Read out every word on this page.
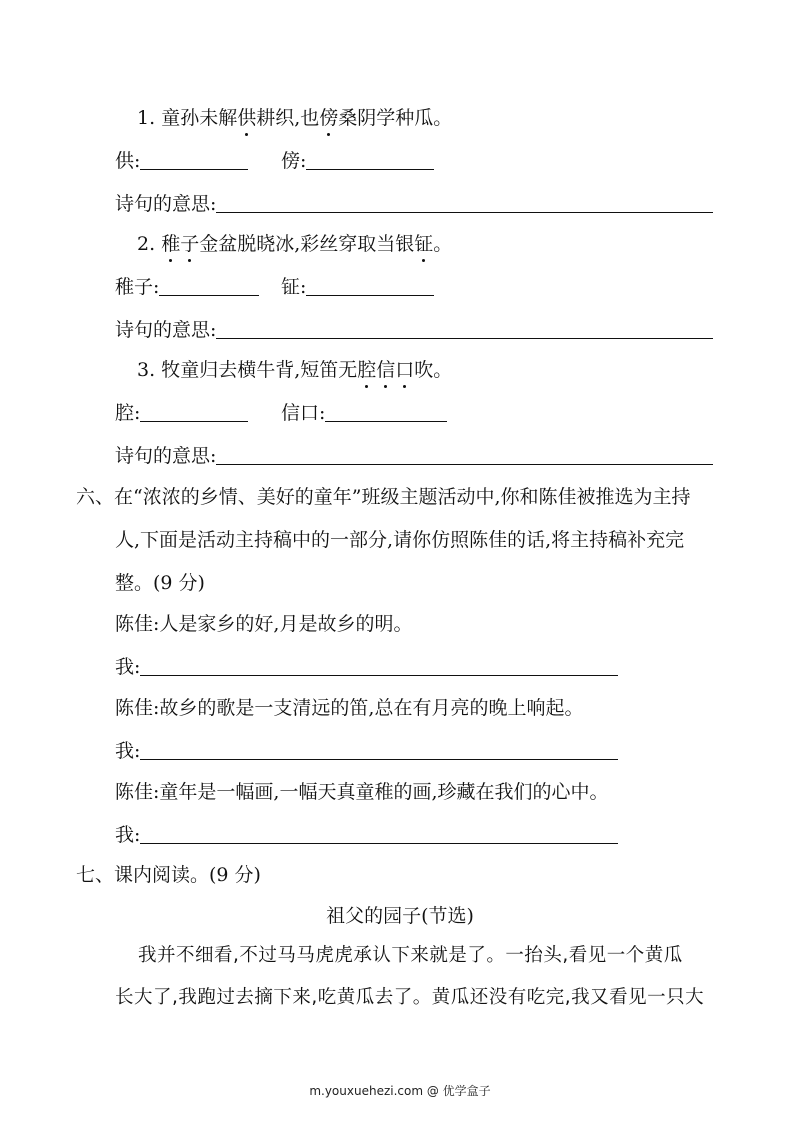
1. 童孙未解供耕织,也傍桑阴学种瓜。
供:	傍:
诗句的意思:
2. 稚子金盆脱晓冰,彩丝穿取当银钲。
稚子:	钲:
诗句的意思:
3. 牧童归去横牛背,短笛无腔信口吹。
腔:	信口:
诗句的意思:
六、在“浓浓的乡情、美好的童年”班级主题活动中,你和陈佳被推选为主持
人,下面是活动主持稿中的一部分,请你仿照陈佳的话,将主持稿补充完
整。(9 分)
陈佳:人是家乡的好,月是故乡的明。
我:
陈佳:故乡的歌是一支清远的笛,总在有月亮的晚上响起。
我:
陈佳:童年是一幅画,一幅天真童稚的画,珍藏在我们的心中。
我:
七、课内阅读。(9 分)
祖父的园子(节选)
我并不细看,不过马马虎虎承认下来就是了。一抬头,看见一个黄瓜
长大了,我跑过去摘下来,吃黄瓜去了。黄瓜还没有吃完,我又看见一只大
m.youxuehezi.com @ 优学盒子
